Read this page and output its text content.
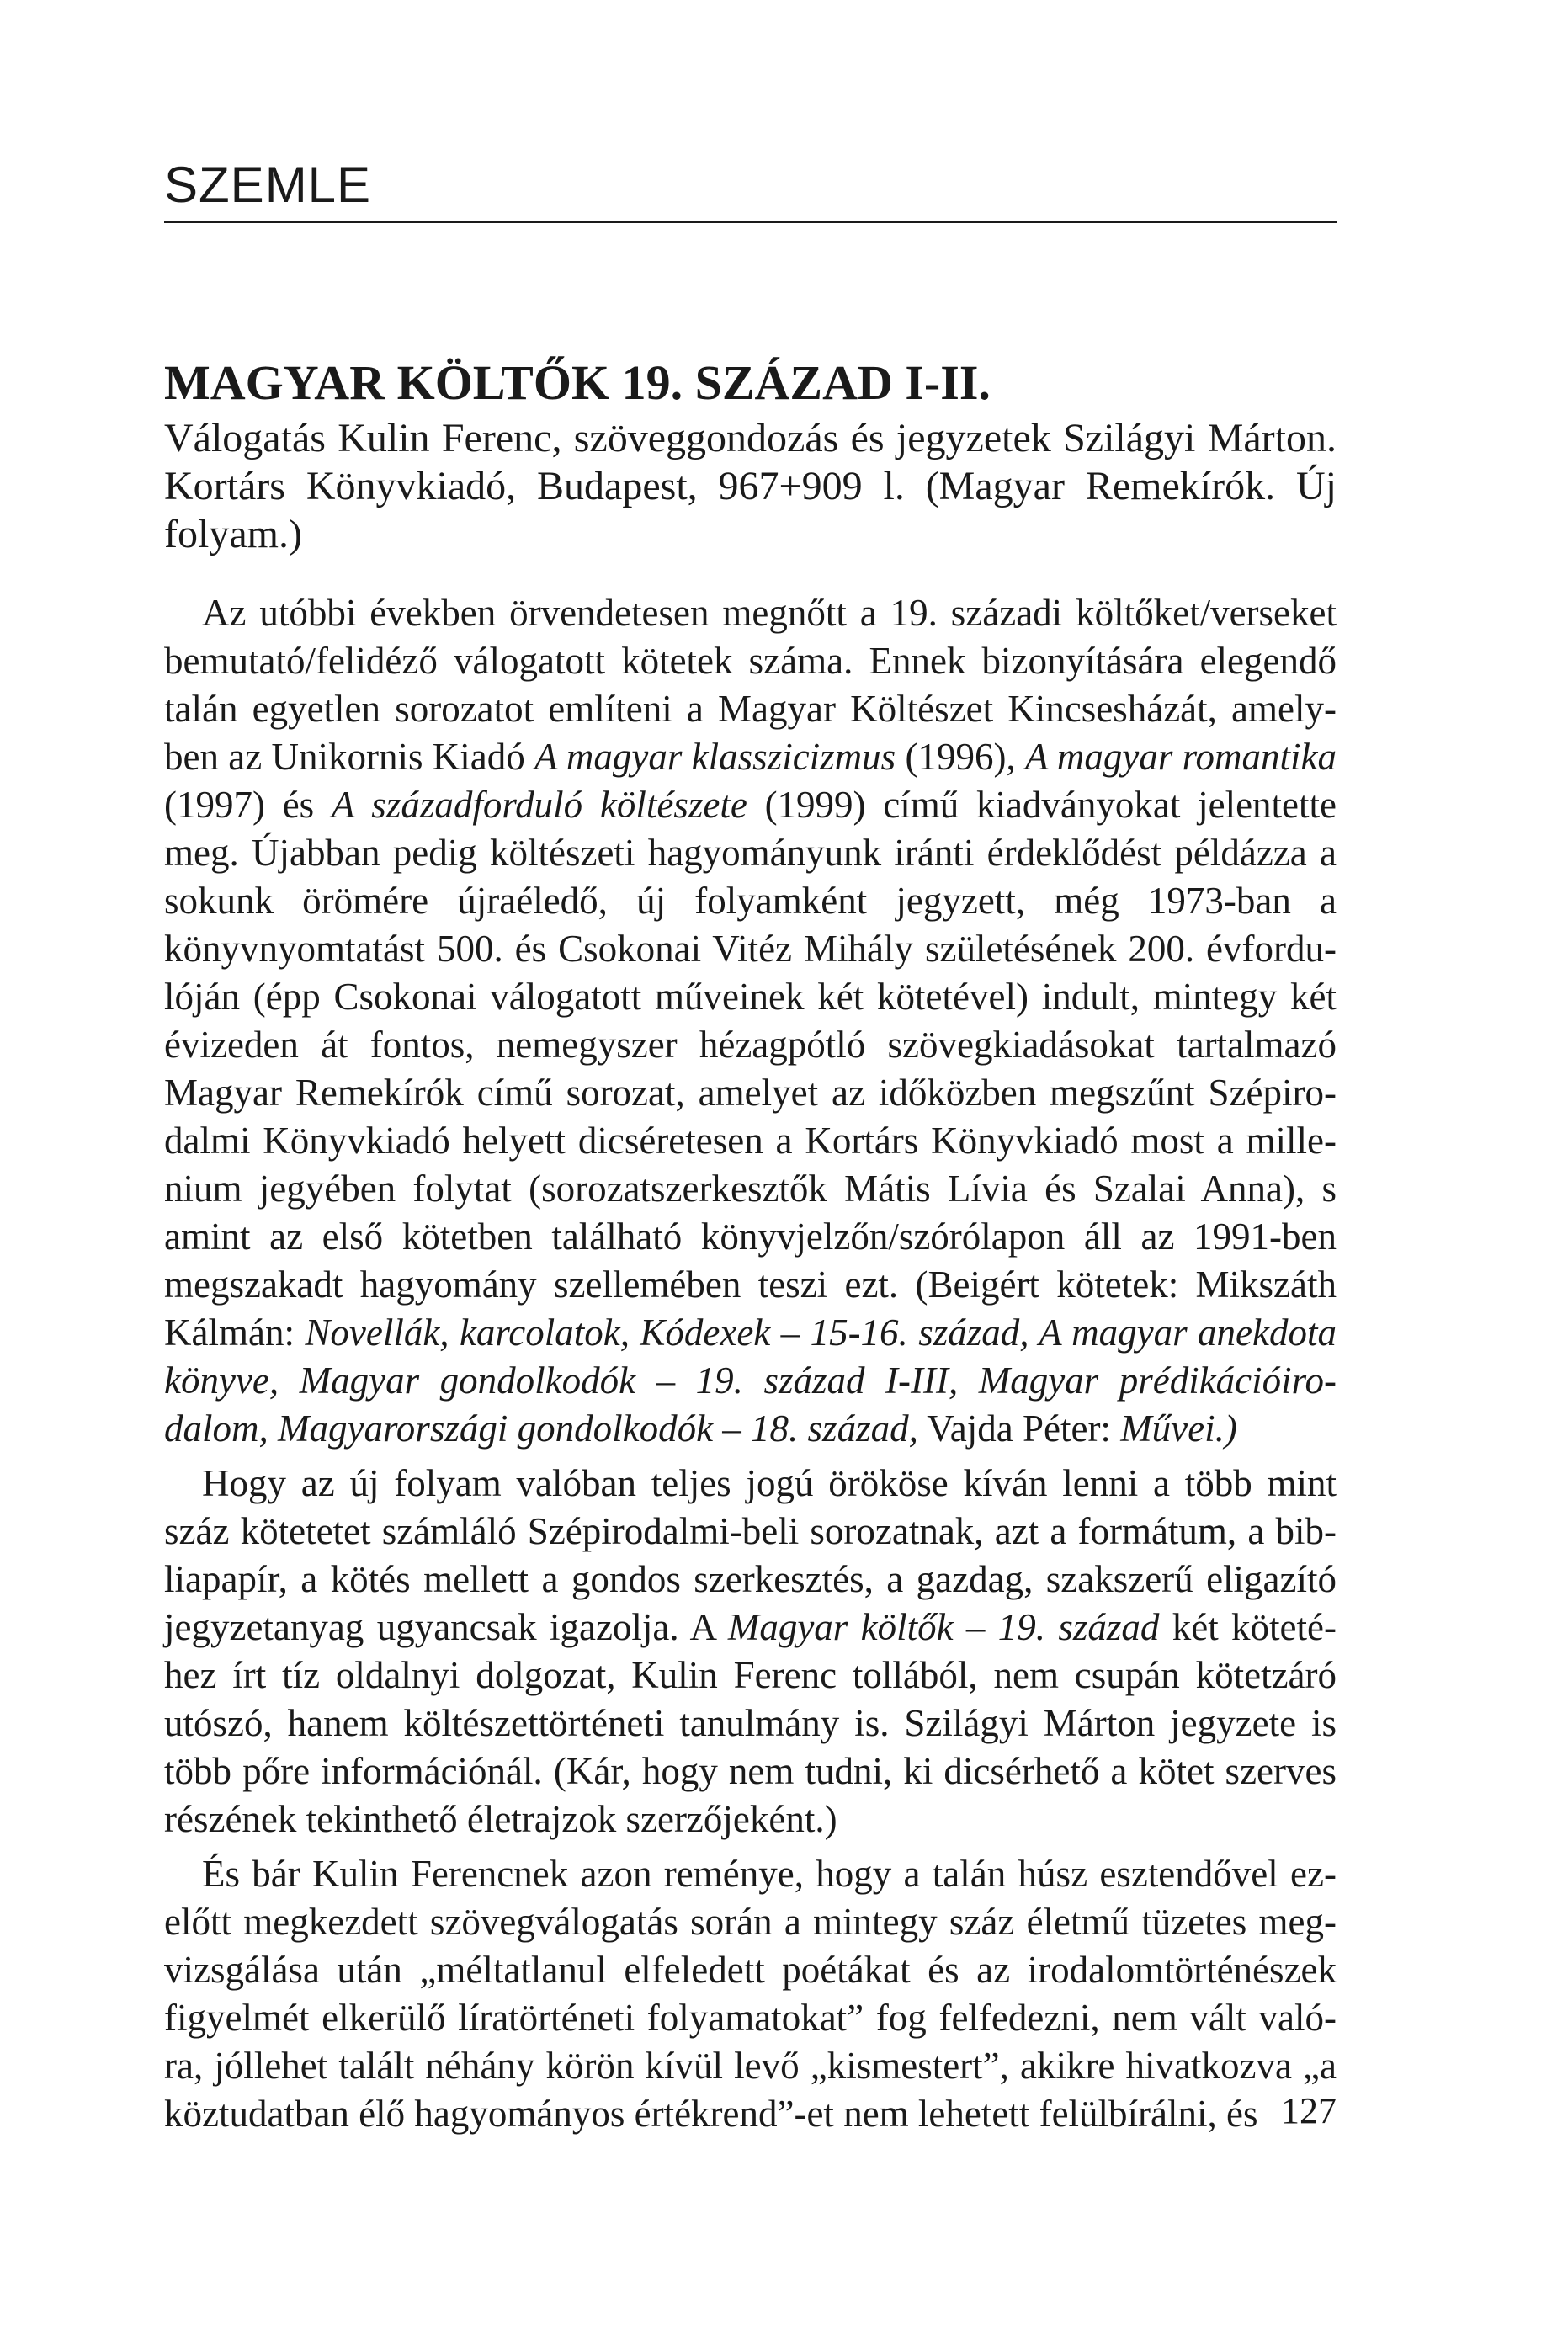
SZEMLE
MAGYAR KÖLTŐK 19. SZÁZAD I-II.
Válogatás Kulin Ferenc, szöveggondozás és jegyzetek Szilágyi Márton. Kortárs Könyvkiadó, Budapest, 967+909 l. (Magyar Remekírók. Új folyam.)

Az utóbbi években örvendetesen megnőtt a 19. századi költőket/verseket bemutató/felidéző válogatott kötetek száma. Ennek bizonyítására elegendő talán egyetlen sorozatot említeni a Magyar Költészet Kincsesházát, amelyben az Unikornis Kiadó A magyar klasszicizmus (1996), A magyar romantika (1997) és A századforduló költészete (1999) című kiadványokat jelentette meg. Újabban pedig költészeti hagyományunk iránti érdeklődést példázza a sokunk örömére újraéledő, új folyamként jegyzett, még 1973-ban a könyvnyomtatást 500. és Csokonai Vitéz Mihály születésének 200. évfordulóján (épp Csokonai válogatott műveinek két kötetével) indult, mintegy két évizeden át fontos, nemegyszer hézagpótló szövegkiadásokat tartalmazó Magyar Remekírók című sorozat, amelyet az időközben megszűnt Szépirodalmi Könyvkiadó helyett dicséretesen a Kortárs Könyvkiadó most a millenium jegyében folytat (sorozatszerkesztők Mátis Lívia és Szalai Anna), s amint az első kötetben található könyvjelzőn/szórólapon áll az 1991-ben megszakadt hagyomány szellemében teszi ezt. (Beigért kötetek: Mikszáth Kálmán: Novellák, karcolatok, Kódexek – 15-16. század, A magyar anekdota könyve, Magyar gondolkodók – 19. század I-III, Magyar prédikációirodalom, Magyarországi gondolkodók – 18. század, Vajda Péter: Művei.)

Hogy az új folyam valóban teljes jogú örököse kíván lenni a több mint száz kötetetet számláló Szépirodalmi-beli sorozatnak, azt a formátum, a bibliapapír, a kötés mellett a gondos szerkesztés, a gazdag, szakszerű eligazító jegyzetanyag ugyancsak igazolja. A Magyar költők – 19. század két kötetéhez írt tíz oldalnyi dolgozat, Kulin Ferenc tollából, nem csupán kötetzáró utószó, hanem költészettörténeti tanulmány is. Szilágyi Márton jegyzete is több pőre információnál. (Kár, hogy nem tudni, ki dicsérhető a kötet szerves részének tekinthető életrajzok szerzőjeként.)

És bár Kulin Ferencnek azon reménye, hogy a talán húsz esztendővel ezelőtt megkezdett szövegválogatás során a mintegy száz életmű tüzetes megvizsgálása után „méltatlanul elfeledett poétákat és az irodalomtörténészek figyelmét elkerülő líratörténeti folyamatokat” fog felfedezni, nem vált valóra, jóllehet talált néhány körön kívül levő „kismestert”, akikre hivatkozva „a köztudatban élő hagyományos értékrend”-et nem lehetett felülbírálni, és 127
